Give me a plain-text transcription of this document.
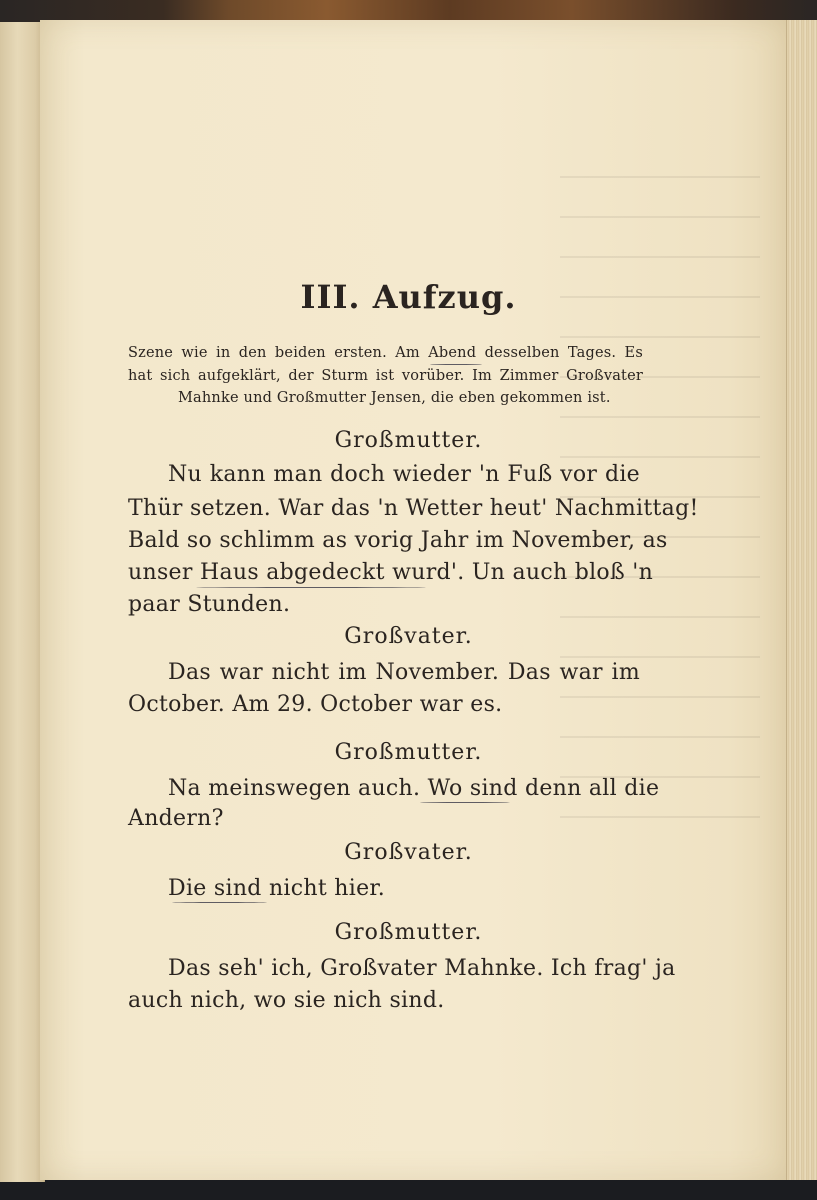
III. Aufzug.
Szene wie in den beiden ersten. Am Abend desselben Tages. Es
hat sich aufgeklärt, der Sturm ist vorüber. Im Zimmer Großvater
Mahnke und Großmutter Jensen, die eben gekommen ist.
Großmutter.
Nu kann man doch wieder 'n Fuß vor die
Thür setzen. War das 'n Wetter heut' Nachmittag!
Bald so schlimm as vorig Jahr im November, as
unser Haus abgedeckt wurd'. Un auch bloß 'n
paar Stunden.
Großvater.
Das war nicht im November. Das war im
October. Am 29. October war es.
Großmutter.
Na meinswegen auch. Wo sind denn all die
Andern?
Großvater.
Die sind nicht hier.
Großmutter.
Das seh' ich, Großvater Mahnke. Ich frag' ja
auch nich, wo sie nich sind.
